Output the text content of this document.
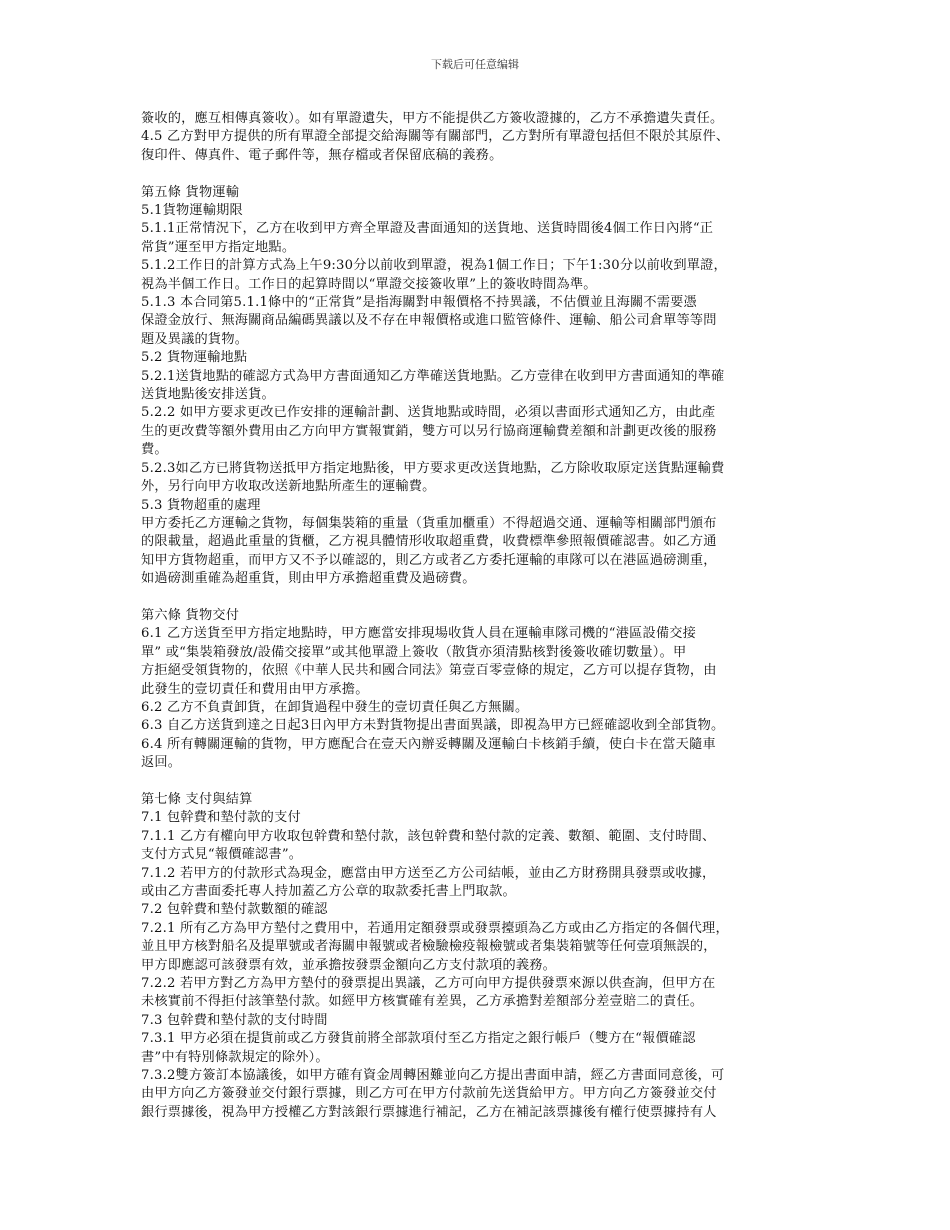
下载后可任意编辑
簽收的，應互相傳真簽收）。如有單證遺失，甲方不能提供乙方簽收證據的，乙方不承擔遺失責任。
4.5 乙方對甲方提供的所有單證全部提交給海關等有關部門，乙方對所有單證包括但不限於其原件、
復印件、傳真件、電子郵件等，無存檔或者保留底稿的義務。
第五條 貨物運輸
5.1貨物運輸期限
5.1.1正常情況下，乙方在收到甲方齊全單證及書面通知的送貨地、送貨時間後4個工作日內將“正
常貨”運至甲方指定地點。
5.1.2工作日的計算方式為上午9:30分以前收到單證，視為1個工作日；下午1:30分以前收到單證，
視為半個工作日。工作日的起算時間以“單證交接簽收單”上的簽收時間為準。
5.1.3 本合同第5.1.1條中的“正常貨”是指海關對申報價格不持異議，不估價並且海關不需要憑
保證金放行、無海關商品編碼異議以及不存在申報價格或進口監管條件、運輸、船公司倉單等等問
題及異議的貨物。
5.2 貨物運輸地點
5.2.1送貨地點的確認方式為甲方書面通知乙方準確送貨地點。乙方壹律在收到甲方書面通知的準確
送貨地點後安排送貨。
5.2.2 如甲方要求更改已作安排的運輸計劃、送貨地點或時間，必須以書面形式通知乙方，由此產
生的更改費等額外費用由乙方向甲方實報實銷，雙方可以另行協商運輸費差額和計劃更改後的服務
費。
5.2.3如乙方已將貨物送抵甲方指定地點後，甲方要求更改送貨地點，乙方除收取原定送貨點運輸費
外，另行向甲方收取改送新地點所產生的運輸費。
5.3 貨物超重的處理
甲方委托乙方運輸之貨物，每個集裝箱的重量（貨重加櫃重）不得超過交通、運輸等相關部門頒布
的限載量，超過此重量的貨櫃，乙方視具體情形收取超重費，收費標準參照報價確認書。如乙方通
知甲方貨物超重，而甲方又不予以確認的，則乙方或者乙方委托運輸的車隊可以在港區過磅測重，
如過磅測重確為超重貨，則由甲方承擔超重費及過磅費。
第六條 貨物交付
6.1 乙方送貨至甲方指定地點時，甲方應當安排現場收貨人員在運輸車隊司機的“港區設備交接
單” 或“集裝箱發放/設備交接單”或其他單證上簽收（散貨亦須清點核對後簽收確切數量）。甲
方拒絕受領貨物的，依照《中華人民共和國合同法》第壹百零壹條的規定，乙方可以提存貨物，由
此發生的壹切責任和費用由甲方承擔。
6.2 乙方不負責卸貨，在卸貨過程中發生的壹切責任與乙方無關。
6.3 自乙方送貨到達之日起3日內甲方未對貨物提出書面異議，即視為甲方已經確認收到全部貨物。
6.4 所有轉關運輸的貨物，甲方應配合在壹天內辦妥轉關及運輸白卡核銷手續，使白卡在當天隨車
返回。
第七條 支付與結算
7.1 包幹費和墊付款的支付
7.1.1 乙方有權向甲方收取包幹費和墊付款，該包幹費和墊付款的定義、數額、範圍、支付時間、
支付方式見“報價確認書”。
7.1.2 若甲方的付款形式為現金，應當由甲方送至乙方公司結帳，並由乙方財務開具發票或收據，
或由乙方書面委托專人持加蓋乙方公章的取款委托書上門取款。
7.2 包幹費和墊付款數額的確認
7.2.1 所有乙方為甲方墊付之費用中，若通用定額發票或發票擡頭為乙方或由乙方指定的各個代理，
並且甲方核對船名及提單號或者海關申報號或者檢驗檢疫報檢號或者集裝箱號等任何壹項無誤的，
甲方即應認可該發票有效，並承擔按發票金額向乙方支付款項的義務。
7.2.2 若甲方對乙方為甲方墊付的發票提出異議，乙方可向甲方提供發票來源以供查詢，但甲方在
未核實前不得拒付該筆墊付款。如經甲方核實確有差異，乙方承擔對差額部分差壹賠二的責任。
7.3 包幹費和墊付款的支付時間
7.3.1 甲方必須在提貨前或乙方發貨前將全部款項付至乙方指定之銀行帳戶（雙方在“報價確認
書”中有特別條款規定的除外）。
7.3.2雙方簽訂本協議後，如甲方確有資金周轉困難並向乙方提出書面申請，經乙方書面同意後，可
由甲方向乙方簽發並交付銀行票據，則乙方可在甲方付款前先送貨給甲方。甲方向乙方簽發並交付
銀行票據後，視為甲方授權乙方對該銀行票據進行補記，乙方在補記該票據後有權行使票據持有人
